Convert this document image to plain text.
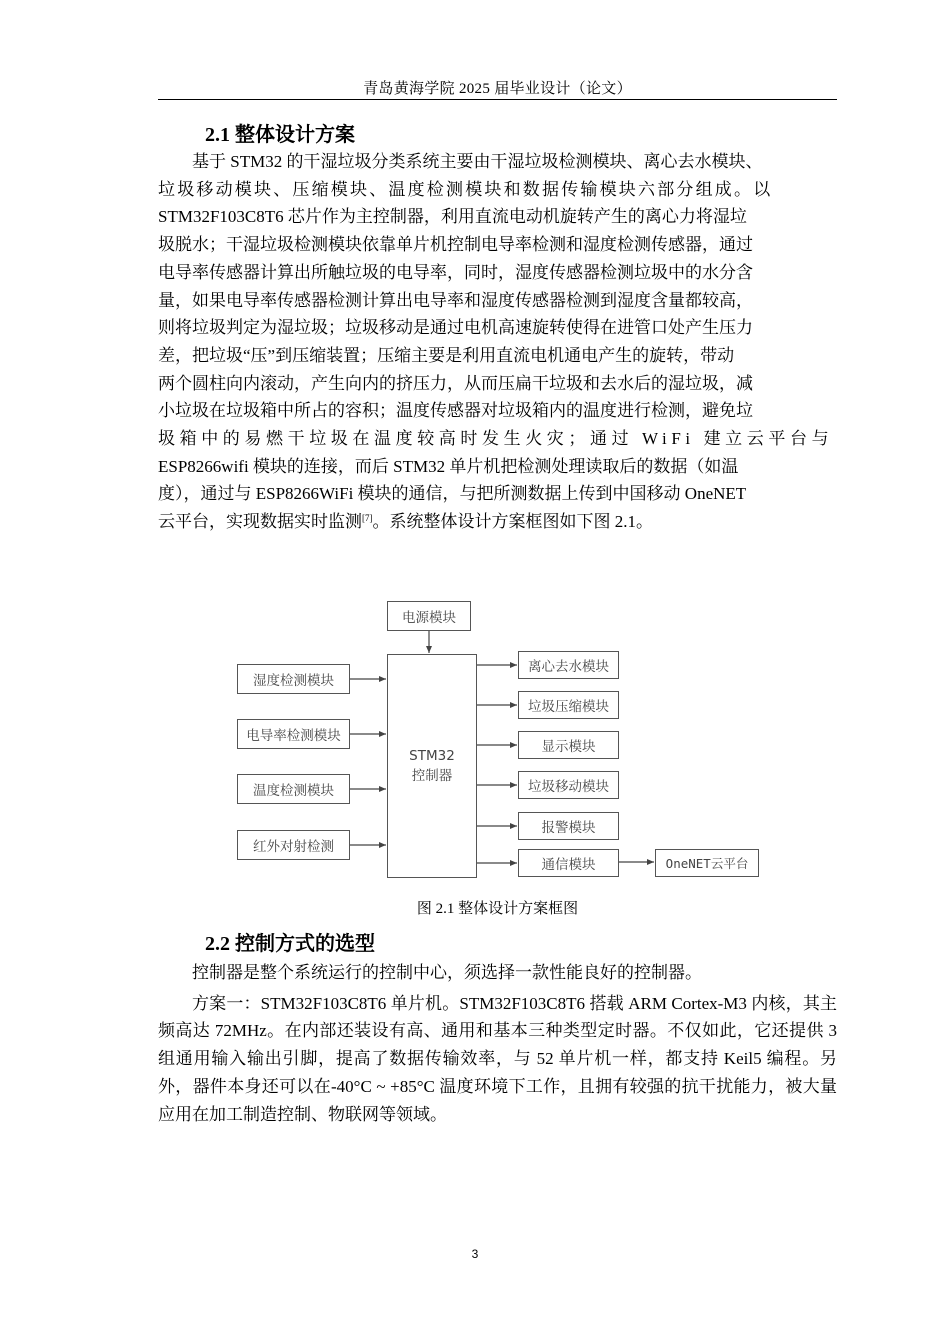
青岛黄海学院 2025 届毕业设计（论文）
2.1 整体设计方案

基于 STM32 的干湿垃圾分类系统主要由干湿垃圾检测模块、离心去水模块、

垃圾移动模块、压缩模块、温度检测模块和数据传输模块六部分组成。以

STM32F103C8T6 芯片作为主控制器，利用直流电动机旋转产生的离心力将湿垃

圾脱水；干湿垃圾检测模块依靠单片机控制电导率检测和湿度检测传感器，通过

电导率传感器计算出所触垃圾的电导率，同时，湿度传感器检测垃圾中的水分含

量，如果电导率传感器检测计算出电导率和湿度传感器检测到湿度含量都较高，

则将垃圾判定为湿垃圾；垃圾移动是通过电机高速旋转使得在进管口处产生压力

差，把垃圾“压”到压缩装置；压缩主要是利用直流电机通电产生的旋转，带动

两个圆柱向内滚动，产生向内的挤压力，从而压扁干垃圾和去水后的湿垃圾，减

小垃圾在垃圾箱中所占的容积；温度传感器对垃圾箱内的温度进行检测，避免垃

圾箱中的易燃干垃圾在温度较高时发生火灾；通过 WiFi 建立云平台与

ESP8266wifi 模块的连接，而后 STM32 单片机把检测处理读取后的数据（如温

度），通过与 ESP8266WiFi 模块的通信，与把所测数据上传到中国移动 OneNET

云平台，实现数据实时监测[7]。系统整体设计方案框图如下图 2.1。

电源模块
STM32
控制器
湿度检测模块
电导率检测模块
温度检测模块
红外对射检测
离心去水模块
垃圾压缩模块
显示模块
垃圾移动模块
报警模块
通信模块	OneNET云平台
图 2.1 整体设计方案框图
2.2 控制方式的选型

控制器是整个系统运行的控制中心，须选择一款性能良好的控制器。

方案一：STM32F103C8T6 单片机。STM32F103C8T6 搭载 ARM Cortex-M3 内核，其主频高达 72MHz。在内部还装设有高、通用和基本三种类型定时器。不仅如此，它还提供 3 组通用输入输出引脚，提高了数据传输效率，与 52 单片机一样，都支持 Keil5 编程。另外，器件本身还可以在-40°C ~ +85°C 温度环境下工作，且拥有较强的抗干扰能力，被大量应用在加工制造控制、物联网等领域。

3
